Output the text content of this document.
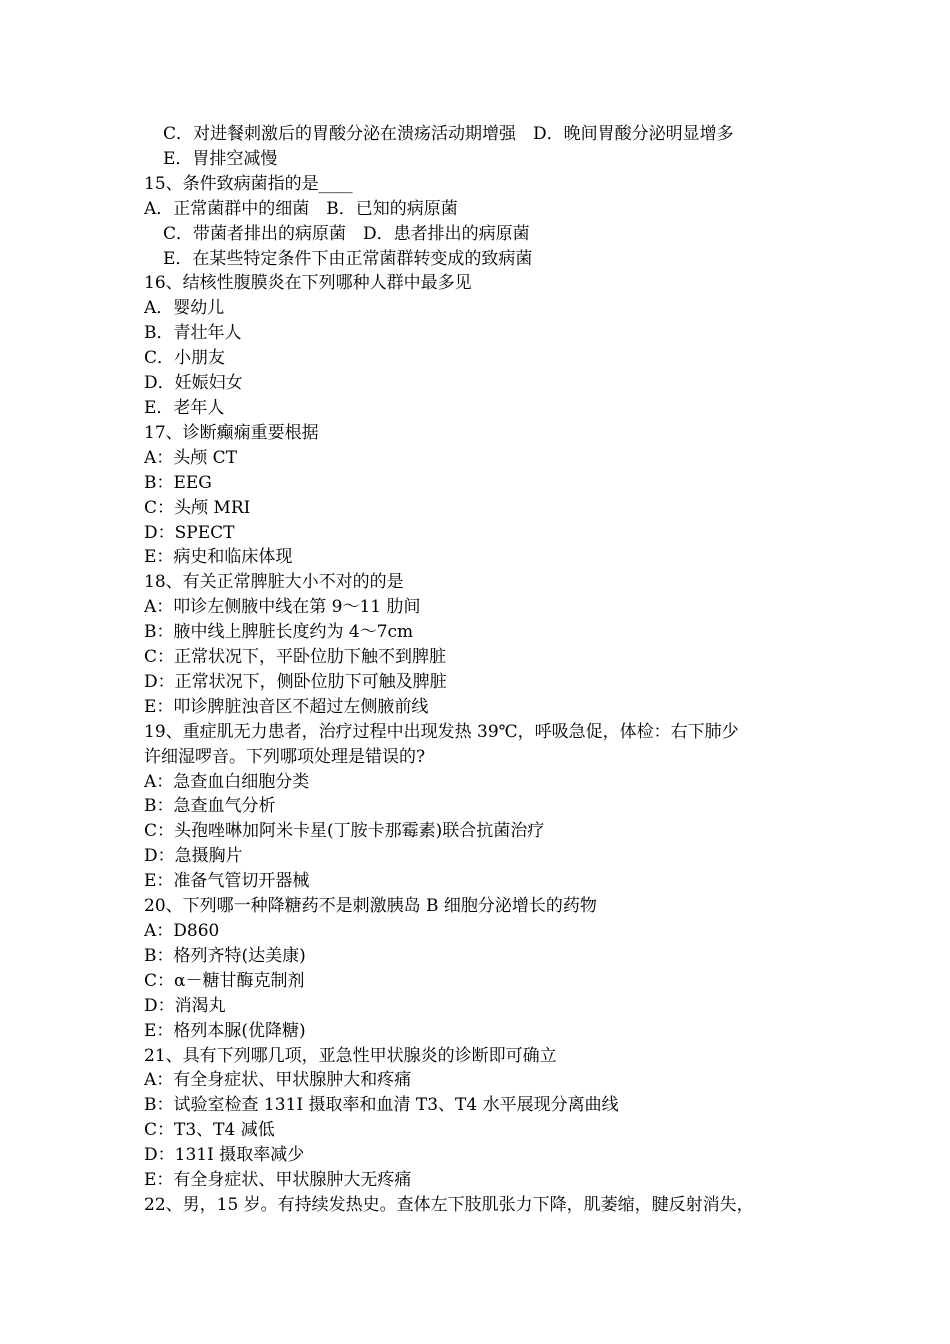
C．对进餐刺激后的胃酸分泌在溃疡活动期增强　D．晚间胃酸分泌明显增多
E．胃排空减慢
15、条件致病菌指的是____
A．正常菌群中的细菌　B．已知的病原菌
C．带菌者排出的病原菌　D．患者排出的病原菌
E．在某些特定条件下由正常菌群转变成的致病菌
16、结核性腹膜炎在下列哪种人群中最多见
A．婴幼儿
B．青壮年人
C．小朋友
D．妊娠妇女
E．老年人
17、诊断癫痫重要根据
A：头颅 CT
B：EEG
C：头颅 MRI
D：SPECT
E：病史和临床体现
18、有关正常脾脏大小不对的的是
A：叩诊左侧腋中线在第 9～11 肋间
B：腋中线上脾脏长度约为 4～7cm
C：正常状况下，平卧位肋下触不到脾脏
D：正常状况下，侧卧位肋下可触及脾脏
E：叩诊脾脏浊音区不超过左侧腋前线
19、重症肌无力患者，治疗过程中出现发热 39℃，呼吸急促，体检：右下肺少
许细湿啰音。下列哪项处理是错误的?
A：急查血白细胞分类
B：急查血气分析
C：头孢唑啉加阿米卡星(丁胺卡那霉素)联合抗菌治疗
D：急摄胸片
E：准备气管切开器械
20、下列哪一种降糖药不是刺激胰岛 B 细胞分泌增长的药物
A：D860
B：格列齐特(达美康)
C：α－糖甘酶克制剂
D：消渴丸
E：格列本脲(优降糖)
21、具有下列哪几项，亚急性甲状腺炎的诊断即可确立
A：有全身症状、甲状腺肿大和疼痛
B：试验室检查 131I 摄取率和血清 T3、T4 水平展现分离曲线
C：T3、T4 减低
D：131I 摄取率减少
E：有全身症状、甲状腺肿大无疼痛
22、男，15 岁。有持续发热史。查体左下肢肌张力下降，肌萎缩，腱反射消失，
